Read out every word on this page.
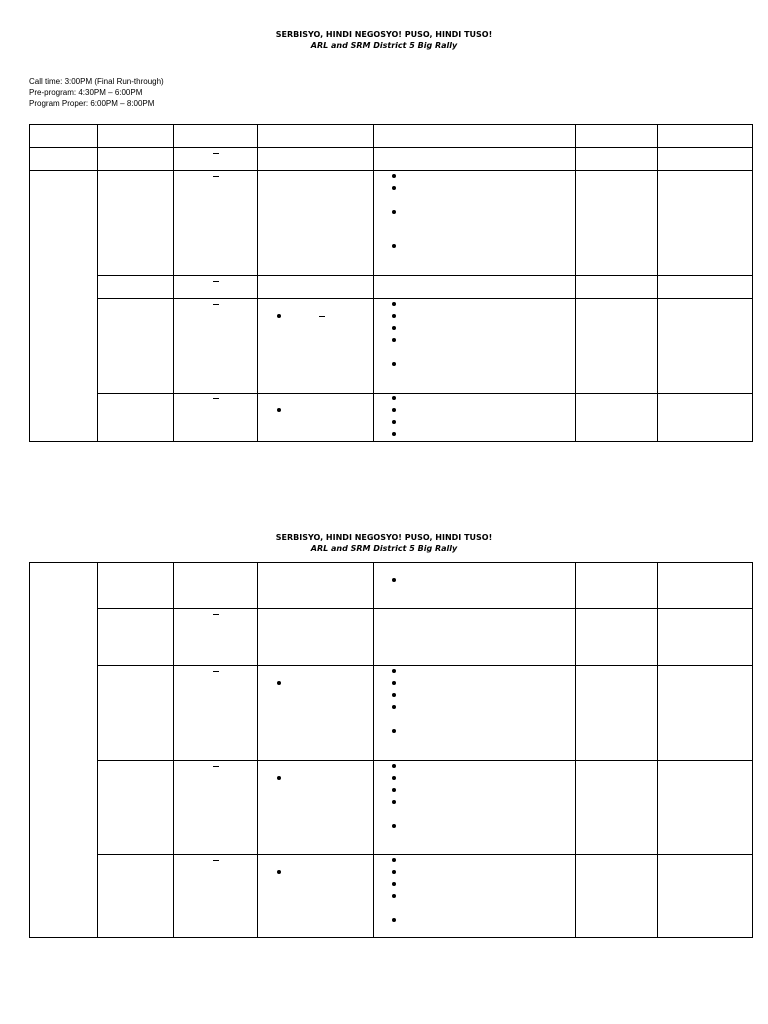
SERBISYO, HINDI NEGOSYO! PUSO, HINDI TUSO!
ARL and SRM District 5 Big Rally
Call time: 3:00PM (Final Run-through)
Pre-program: 4:30PM – 6:00PM
Program Proper: 6:00PM – 8:00PM
SERBISYO, HINDI NEGOSYO! PUSO, HINDI TUSO!
ARL and SRM District 5 Big Rally
